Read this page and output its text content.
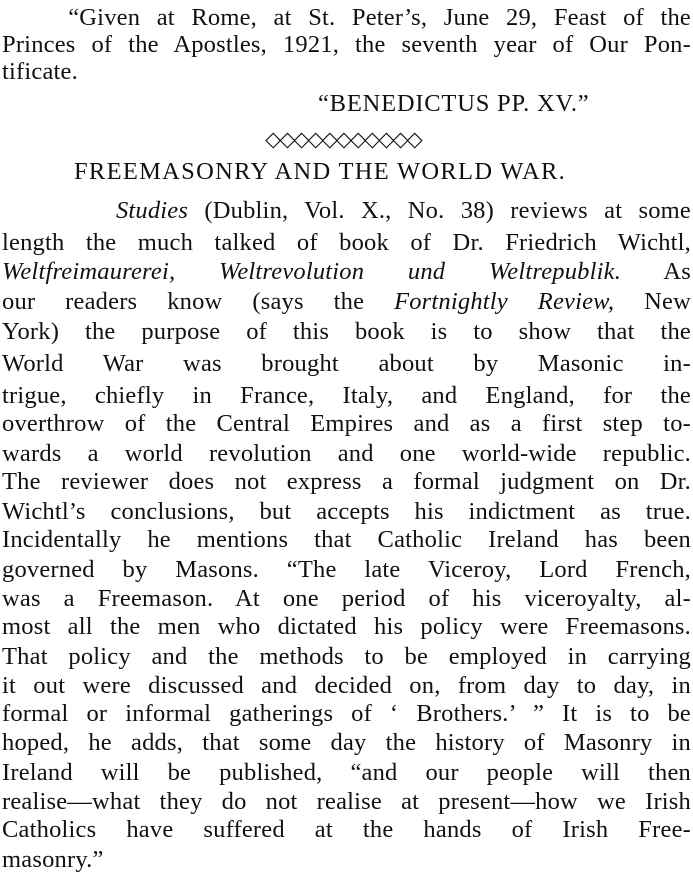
“Given at Rome, at St. Peter’s, June 29, Feast of the
Princes of the Apostles, 1921, the seventh year of Our Pon-
tificate.
“BENEDICTUS PP. XV.”
◇◇◇◇◇◇◇◇◇◇◇
FREEMASONRY AND THE WORLD WAR.
Studies (Dublin, Vol. X., No. 38) reviews at some
length the much talked of book of Dr. Friedrich Wichtl,
Weltfreimaurerei, Weltrevolution und Weltrepublik. As
our readers know (says the Fortnightly Review, New
York) the purpose of this book is to show that the
World War was brought about by Masonic in-
trigue, chiefly in France, Italy, and England, for the
overthrow of the Central Empires and as a first step to-
wards a world revolution and one world-wide republic.
The reviewer does not express a formal judgment on Dr.
Wichtl’s conclusions, but accepts his indictment as true.
Incidentally he mentions that Catholic Ireland has been
governed by Masons. “The late Viceroy, Lord French,
was a Freemason. At one period of his viceroyalty, al-
most all the men who dictated his policy were Freemasons.
That policy and the methods to be employed in carrying
it out were discussed and decided on, from day to day, in
formal or informal gatherings of ‘ Brothers.’ ” It is to be
hoped, he adds, that some day the history of Masonry in
Ireland will be published, “and our people will then
realise—what they do not realise at present—how we Irish
Catholics have suffered at the hands of Irish Free-
masonry.”
